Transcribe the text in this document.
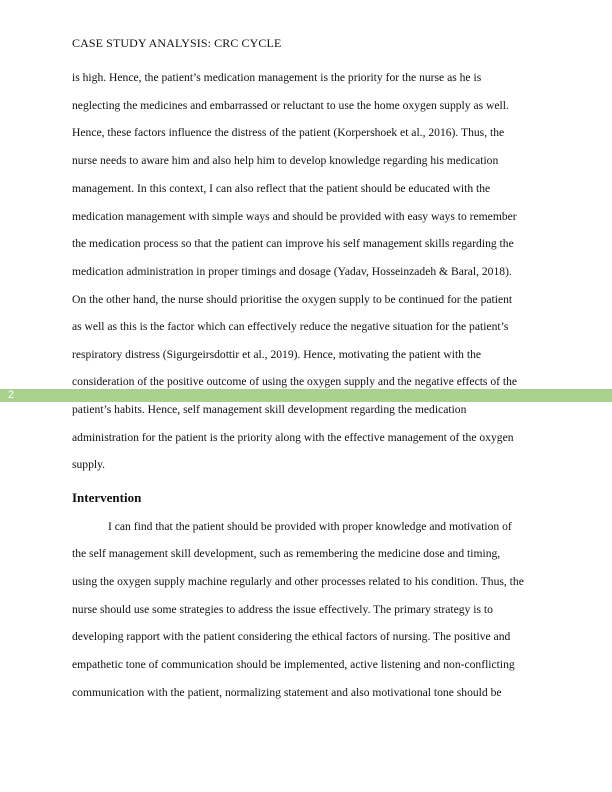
CASE STUDY ANALYSIS: CRC CYCLE
2
is high. Hence, the patient’s medication management is the priority for the nurse as he is
neglecting the medicines and embarrassed or reluctant to use the home oxygen supply as well.
Hence, these factors influence the distress of the patient (Korpershoek et al., 2016). Thus, the
nurse needs to aware him and also help him to develop knowledge regarding his medication
management. In this context, I can also reflect that the patient should be educated with the
medication management with simple ways and should be provided with easy ways to remember
the medication process so that the patient can improve his self management skills regarding the
medication administration in proper timings and dosage (Yadav, Hosseinzadeh & Baral, 2018).
On the other hand, the nurse should prioritise the oxygen supply to be continued for the patient
as well as this is the factor which can effectively reduce the negative situation for the patient’s
respiratory distress (Sigurgeirsdottir et al., 2019). Hence, motivating the patient with the
consideration of the positive outcome of using the oxygen supply and the negative effects of the
patient’s habits. Hence, self management skill development regarding the medication
administration for the patient is the priority along with the effective management of the oxygen
supply.
Intervention
I can find that the patient should be provided with proper knowledge and motivation of
the self management skill development, such as remembering the medicine dose and timing,
using the oxygen supply machine regularly and other processes related to his condition. Thus, the
nurse should use some strategies to address the issue effectively. The primary strategy is to
developing rapport with the patient considering the ethical factors of nursing. The positive and
empathetic tone of communication should be implemented, active listening and non-conflicting
communication with the patient, normalizing statement and also motivational tone should be
